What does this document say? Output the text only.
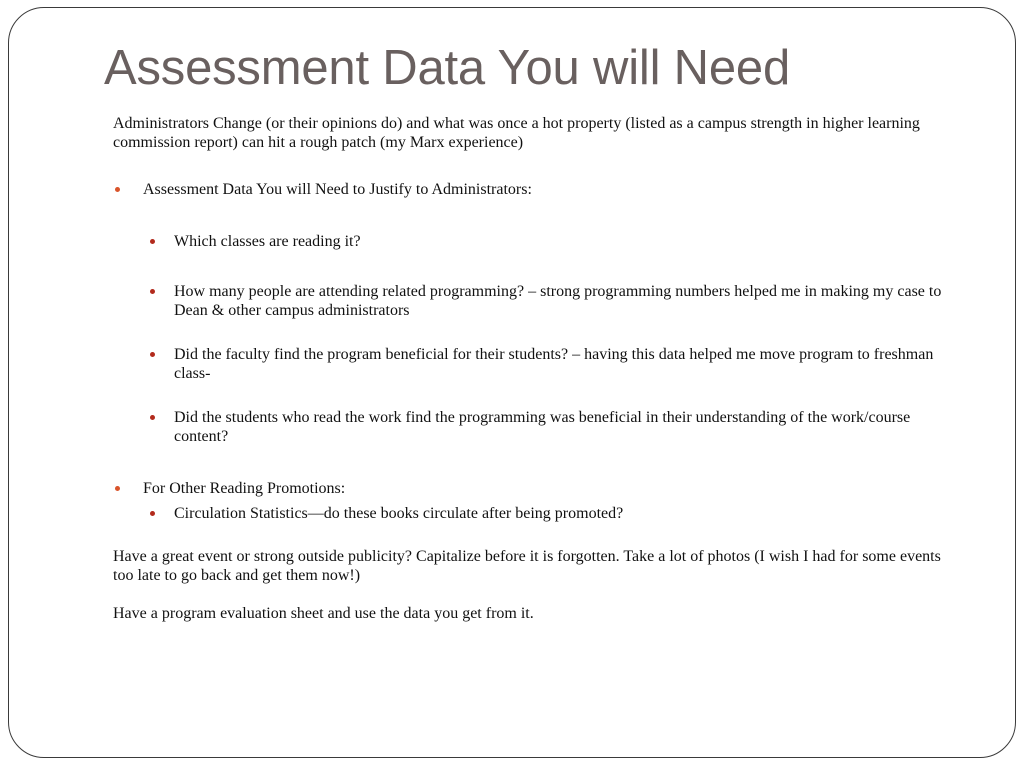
Assessment Data You will Need

Administrators Change (or their opinions do) and what was once a hot property (listed as a campus strength in higher learning commission report) can hit a rough patch (my Marx experience)

Assessment Data You will Need to Justify to Administrators:

Which classes are reading it?

How many people are attending related programming? – strong programming numbers helped me in making my case to Dean & other campus administrators

Did the faculty find the program beneficial for their students? – having this data helped me move program to freshman class-

Did the students who read the work find the programming was beneficial in their understanding of the work/course content?

For Other Reading Promotions:

Circulation Statistics—do these books circulate after being promoted?

Have a great event or strong outside publicity? Capitalize before it is forgotten. Take a lot of photos (I wish I had for some events too late to go back and get them now!)

Have a program evaluation sheet and use the data you get from it.
